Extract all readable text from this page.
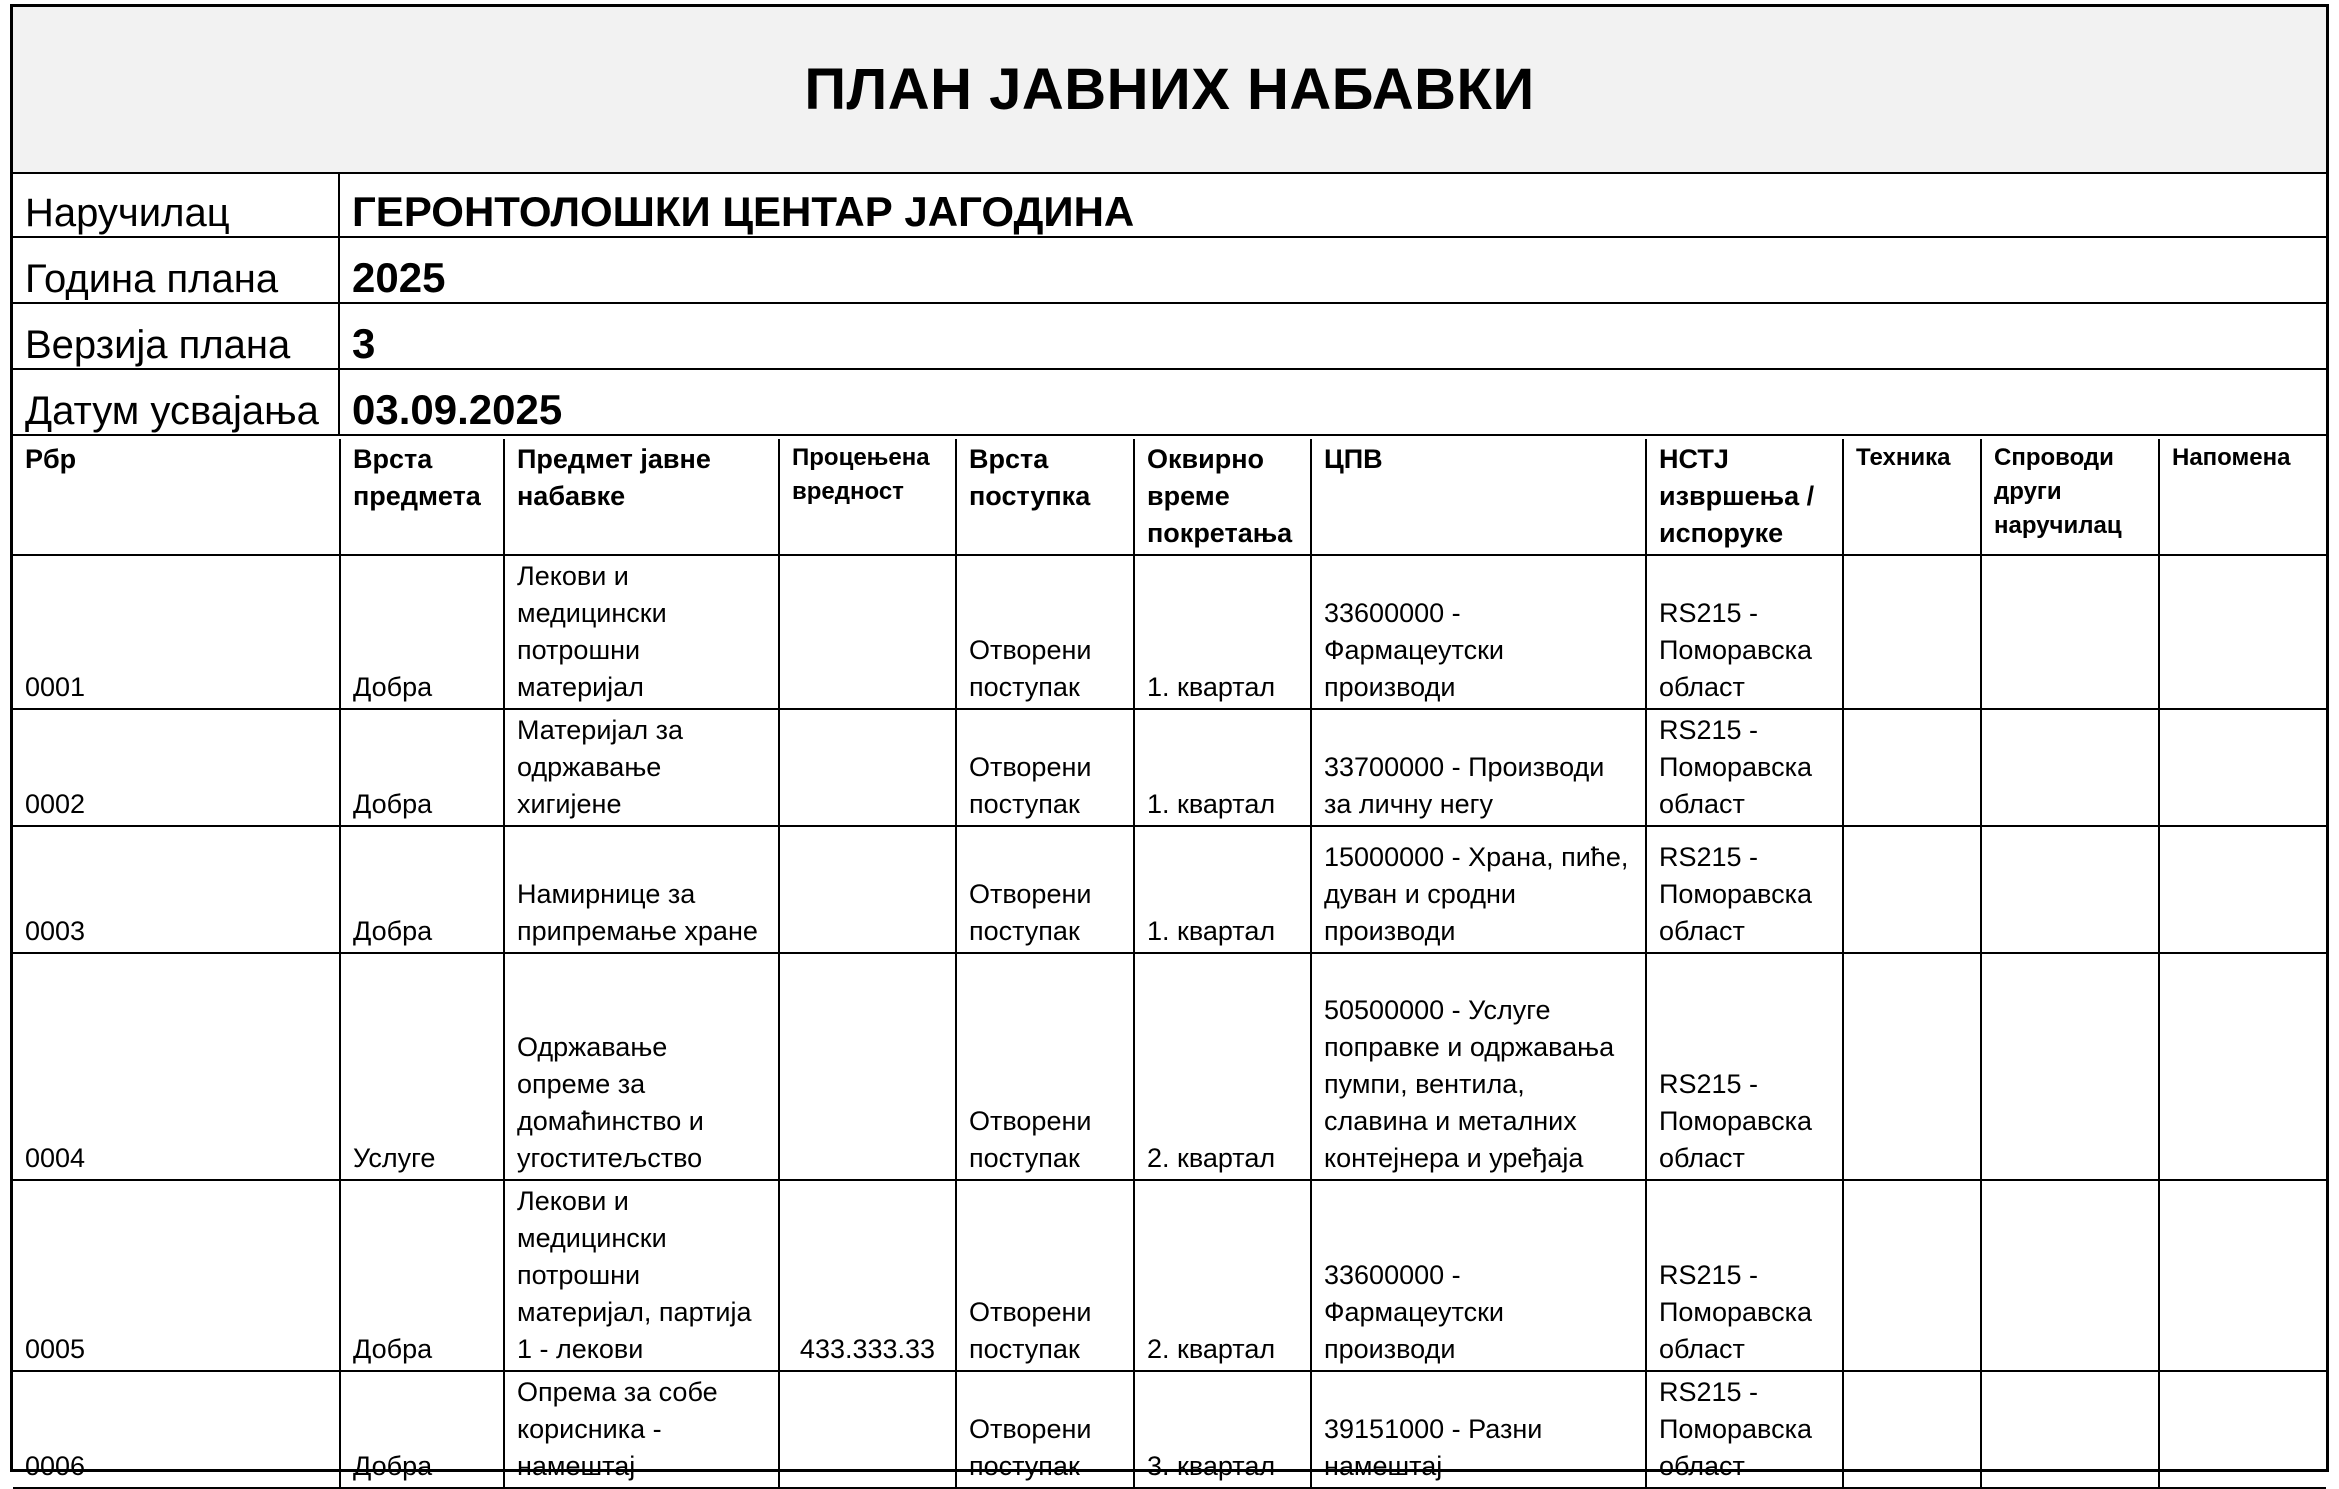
ПЛАН ЈАВНИХ НАБАВКИ
Наручилац	ГЕРОНТОЛОШКИ ЦЕНТАР ЈАГОДИНА
Година плана	2025
Верзија плана	3
Датум усвајања	03.09.2025
Рбр	Врста предмета	Предмет јавне набавке	Процењена вредност	Врста поступка	Оквирно време покретања	ЦПВ	НСТЈ извршења / испоруке	Техника	Спроводи други наручилац	Напомена
0001	Добра	Лекови и медицински потрошни материјал		Отворени поступак	1. квартал	33600000 - Фармацеутски производи	RS215 - Поморавска област			
0002	Добра	Материјал за одржавање хигијене		Отворени поступак	1. квартал	33700000 - Производи за личну негу	RS215 - Поморавска област			
0003	Добра	Намирнице за припремање хране		Отворени поступак	1. квартал	15000000 - Храна, пиће, дуван и сродни производи	RS215 - Поморавска област			
0004	Услуге	Одржавање опреме за домаћинство и угоститељство		Отворени поступак	2. квартал	50500000 - Услуге поправке и одржавања пумпи, вентила, славина и металних контејнера и уређаја	RS215 - Поморавска област			
0005	Добра	Лекови и медицински потрошни материјал, партија 1 - лекови	433.333.33	Отворени поступак	2. квартал	33600000 - Фармацеутски производи	RS215 - Поморавска област			
0006	Добра	Опрема за собе корисника - намештај		Отворени поступак	3. квартал	39151000 - Разни намештај	RS215 - Поморавска област			
